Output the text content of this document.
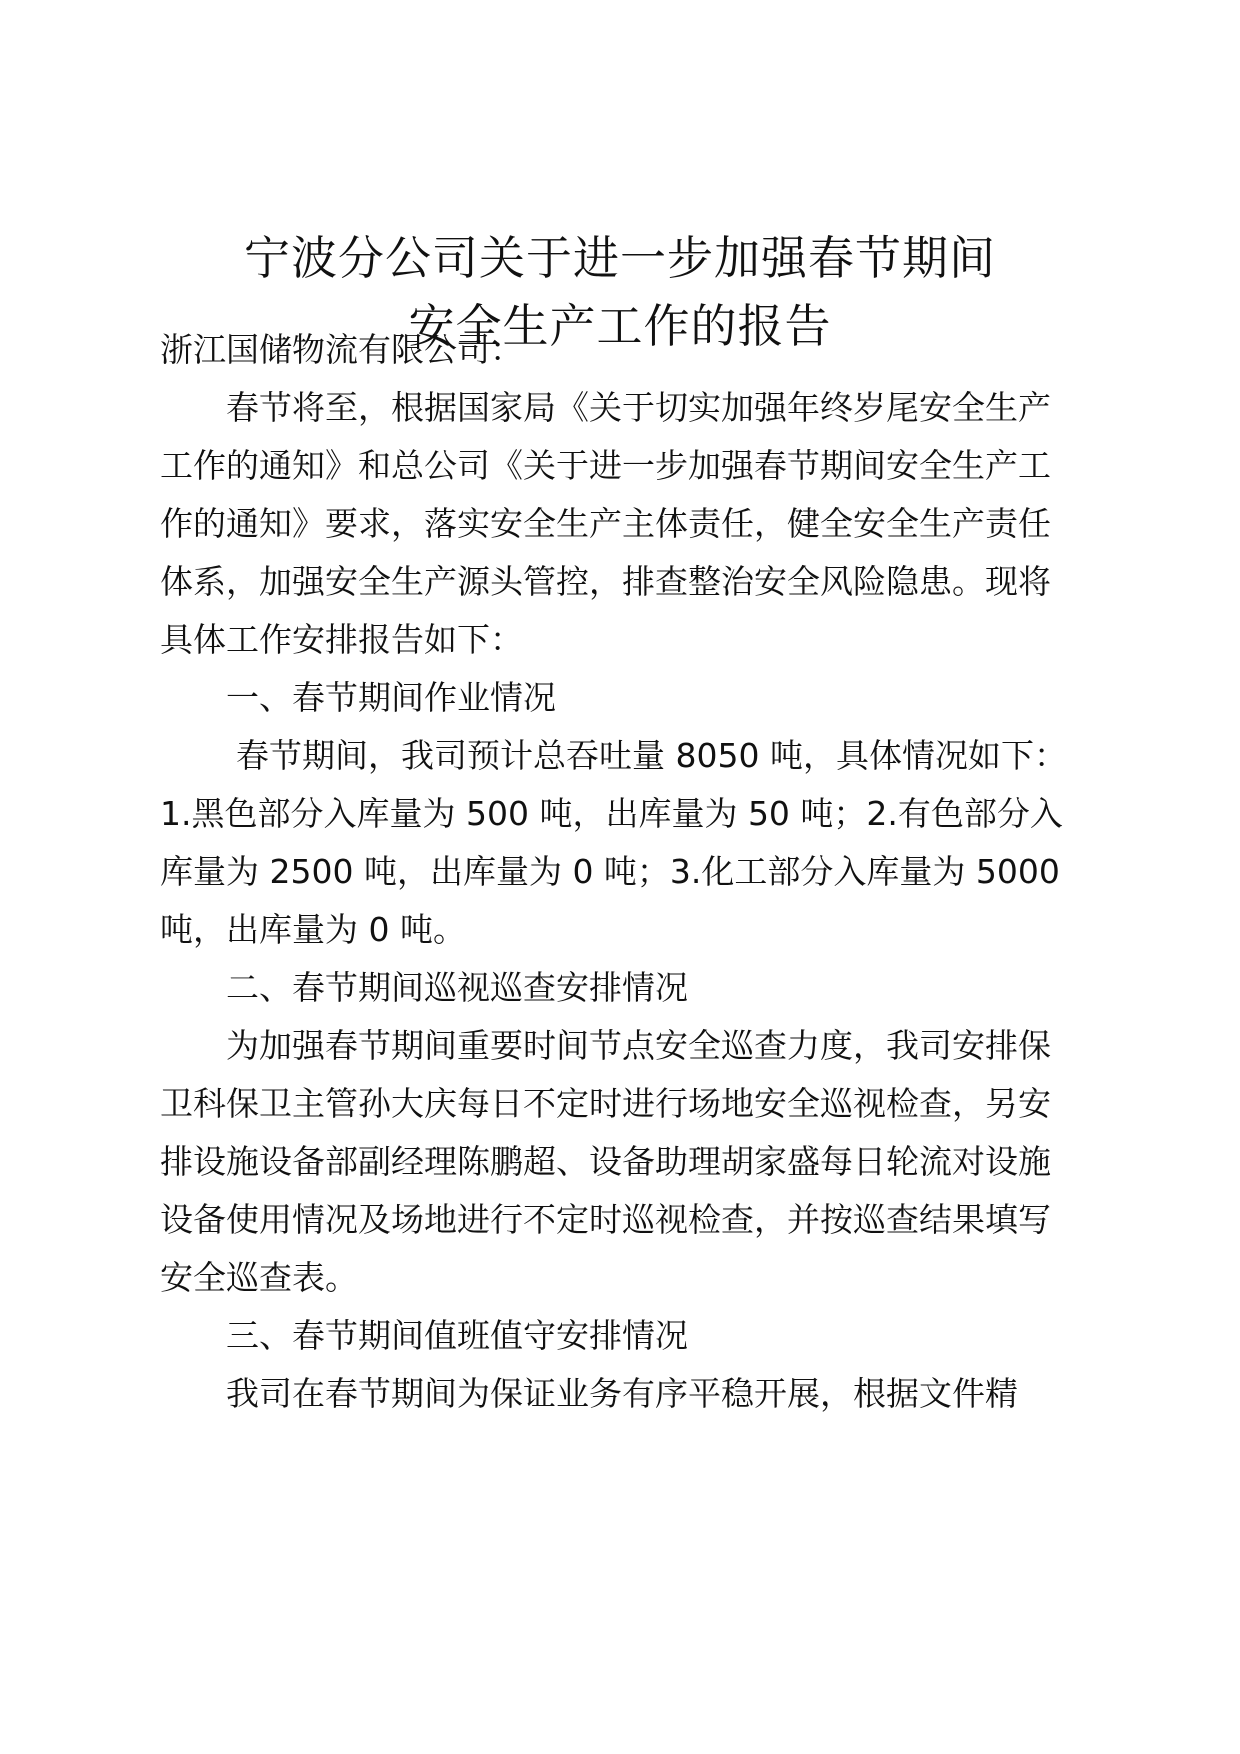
宁波分公司关于进一步加强春节期间
安全生产工作的报告
浙江国储物流有限公司：
春节将至，根据国家局《关于切实加强年终岁尾安全生产
工作的通知》和总公司《关于进一步加强春节期间安全生产工
作的通知》要求，落实安全生产主体责任，健全安全生产责任
体系，加强安全生产源头管控，排查整治安全风险隐患。现将
具体工作安排报告如下：
一、春节期间作业情况
春节期间，我司预计总吞吐量 8050 吨，具体情况如下：
1.黑色部分入库量为 500 吨，出库量为 50 吨；2.有色部分入
库量为 2500 吨，出库量为 0 吨；3.化工部分入库量为 5000
吨，出库量为 0 吨。
二、春节期间巡视巡查安排情况
为加强春节期间重要时间节点安全巡查力度，我司安排保
卫科保卫主管孙大庆每日不定时进行场地安全巡视检查，另安
排设施设备部副经理陈鹏超、设备助理胡家盛每日轮流对设施
设备使用情况及场地进行不定时巡视检查，并按巡查结果填写
安全巡查表。
三、春节期间值班值守安排情况
我司在春节期间为保证业务有序平稳开展，根据文件精
